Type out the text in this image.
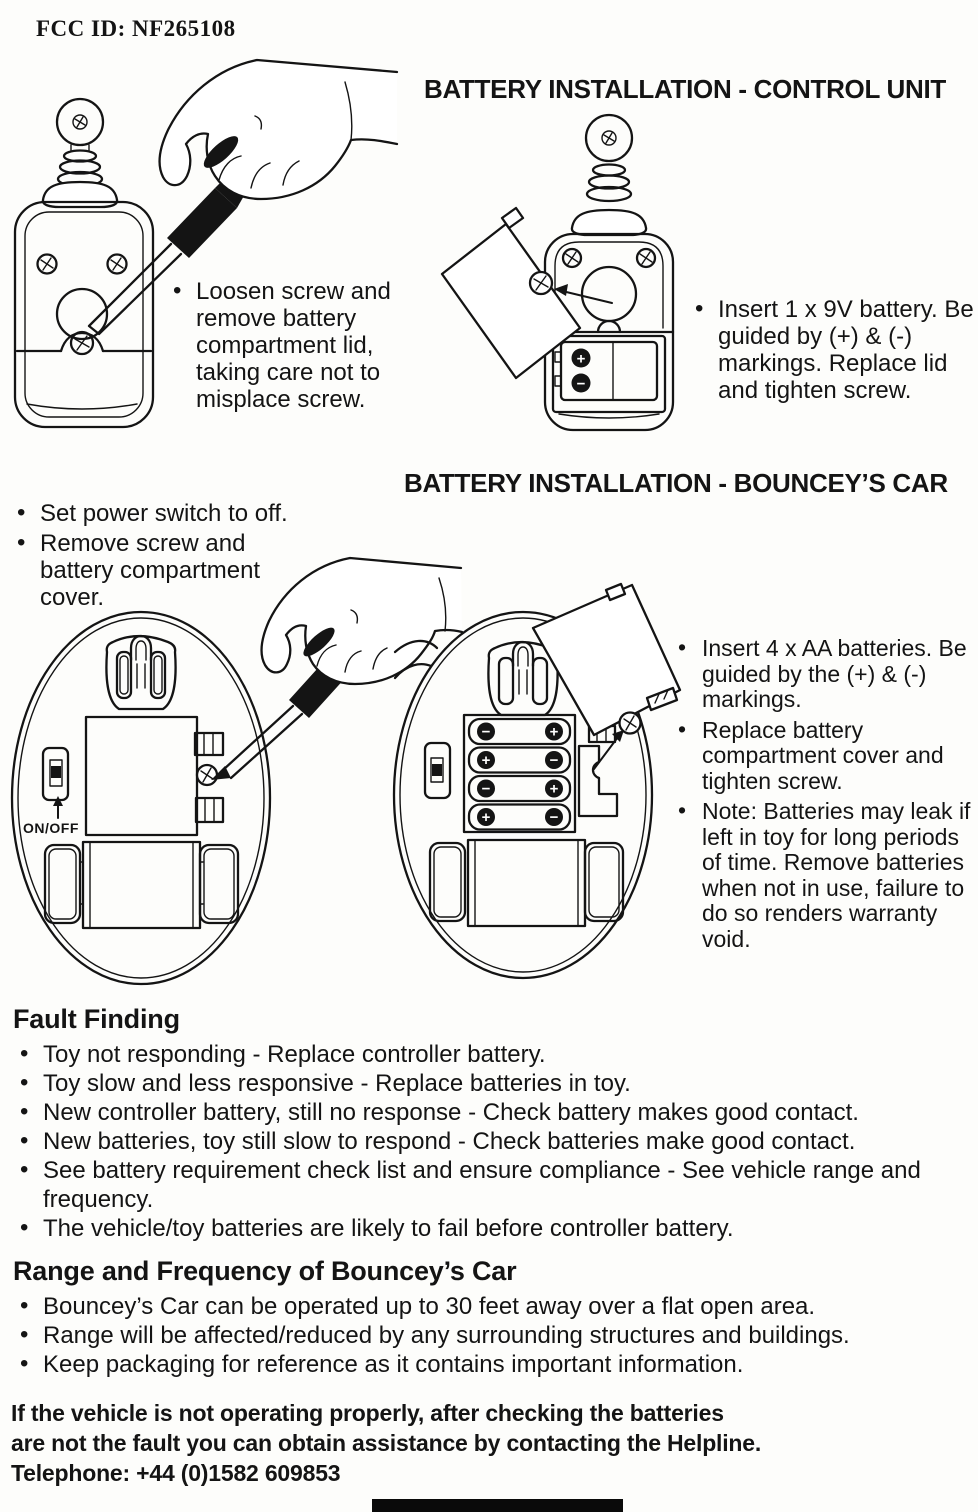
FCC ID: NF265108
BATTERY INSTALLATION - CONTROL UNIT
+
−
• Loosen screw and remove battery compartment lid, taking care not to misplace screw.
• Insert 1 x 9V battery. Be guided by (+) & (-) markings. Replace lid and tighten screw.
BATTERY INSTALLATION - BOUNCEY’S CAR
• Set power switch to off.
• Remove screw and battery compartment cover.
ON/OFF
−	+
+	−
−	+
+	−
• Insert 4 x AA batteries. Be guided by the (+) & (-) markings.
• Replace battery compartment cover and tighten screw.
• Note: Batteries may leak if left in toy for long periods of time. Remove batteries when not in use, failure to do so renders warranty void.
Fault Finding
• Toy not responding - Replace controller battery.
• Toy slow and less responsive - Replace batteries in toy.
• New controller battery, still no response - Check battery makes good contact.
• New batteries, toy still slow to respond - Check batteries make good contact.
• See battery requirement check list and ensure compliance - See vehicle range and frequency.
• The vehicle/toy batteries are likely to fail before controller battery.
Range and Frequency of Bouncey’s Car
• Bouncey’s Car can be operated up to 30 feet away over a flat open area.
• Range will be affected/reduced by any surrounding structures and buildings.
• Keep packaging for reference as it contains important information.
If the vehicle is not operating properly, after checking the batteries
are not the fault you can obtain assistance by contacting the Helpline.
Telephone: +44 (0)1582 609853
